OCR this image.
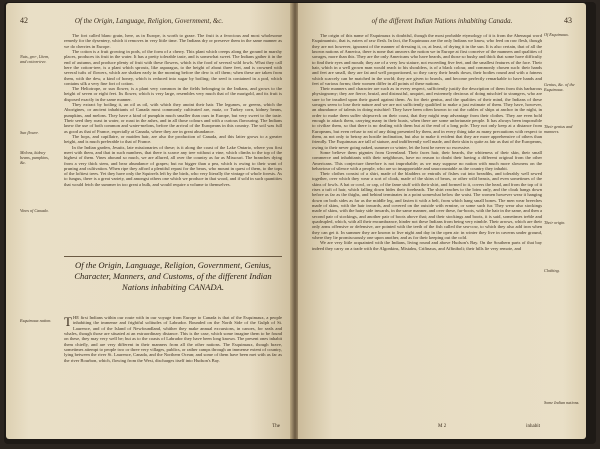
42	Of the Origin, Language, Religion, Government, &c.

The fort called blanc grain, here, as in Europe, is worth to graze. The fruit is a ferocious and most wholesome remedy for the dysentery, which it removes in very little time. The Indians dry or preserve them in the same manner as we do cherries in Europe.

The cotton is a fruit growing in pods, of the form of a cherry. This plant which creeps along the ground in marshy places, produces its fruit in the water. It has a pretty tolerable taste, and is somewhat sweet. The Indians gather it in the end of autumn, and produce plenty of fruit with these flowers, which is the food of several wild fowls. What they call here the cotton-tree, is a plant which sprouts, like asparagus, to the height of about three feet, and is crowned with several tufts of flowers, which are shaken early in the morning before the dew is off them; when these are taken from them, with the dew, a kind of honey, which is reduced into sugar by boiling; the seed is contained in a pod, which contains silk a very fine fort of cotton.

The Heliotrope, or sun flower, is a plant very common in the fields belonging to the Indians, and grows to the height of seven or eight feet. Its flower, which is very large, resembles very much that of the marigold, and its fruit is disposed exactly in the same manner.

They extract by boiling it, an oil as oil, with which they anoint their hair. The legumes, or greens, which the Aborigines, or ancient inhabitants of Canada most commonly cultivated are, maiz, or Turkey corn, kidney beans, pumpkins, and melons. They have a kind of pumpkin much smaller than ours in Europe, but very sweet to the taste. Their seed they roast in water, or roast in the ashes, and in all those colours and with a curious flavouring. The Indians knew the use of both common and water-melons, before the arrival of the Europeans in this country. The soil was full as good as that of France, especially at Canada, where they are in great abundance.

The hops, and capillaire, or maiden hair, are also the production of Canada, and this latter grows to a greater height, and is much preferable to that of France.

In the Indian garden, Jesuits, late missionaries of these; is it along the coast of the Lake Ontario, where you first meet with them, and that in such numbers, that there is scarce any tree without a vine, which climbs to the top of the highest of them. Vines abound so much, we are allured, all over the country as far as Missouri. The branches dying from a very thick stem, and bear abundance of grapes; but no bigger than a pea, which is owing to their want of pruning and cultivation. When ripe they afford a plentiful repast for the bears, who mount in quest of them, to the tops of the loftiest trees. Yet they have only the Squirrels left by the birds, who very literally the vintage of whole forests. As to fungus, there is a great variety, and amongst others one which we produce in that wood, and if sold in such quantities that would fetch the summer in too great a bulk, and would require a volume to themselves.

Nuts, gro-, Lhem, and cotton-tree.
Sun flower.
Melons, kidney beans, pumpkins, &c.
Vines of Canada.
Of the Origin, Language, Religion, Government, Genius, Character, Manners, and Customs, of the different Indian Nations inhabiting CANADA.

THE first Indians within our route with in our voyage from Europe to Canada is that of the Esquimaux, a people inhabiting the immense and frightful solitudes of Labrador. Bounded on the North Side of the Gulph of St. Laurence, and of the Island of Newfoundland, whither they make annual excursions, in canoes, for seals and whales, though those are situated at an extraordinary distance. This is the case, which some imagine them to be found on these, they may very well be; but as to the coasts of Labrador they have been long known. The present ones inhabit them chiefly, and are very different in their manners from all the other nations. The Esquimaux, though brave, sometimes attempt to people two or three very villages, publics, or rather camps through an immense extent of country, lying between the river St. Laurence, Canada, and the Northern Ocean; and some of them have been met with as far as the river Bourbon, which, flowing from the West, discharges itself into Hudson's Bay.

Esquimaux nation.
The
43
of the different Indian Nations inhabiting Canada.

The origin of this name of Esquimaux is doubtful, though the most probable etymology of it is from the Abenaqui word Esquimantsic, that is, eaters of raw flesh. In fact, the Esquimaux are the only Indians we know, who feed on raw flesh, though they are not however, ignorant of the manner of dressing it, or, at least, of drying it in the sun. It is also certain, that of all the known nations of America, there is none that answers the notion we in Europe at first conceive of the manners and qualities of savages, more than this. They are the only Americans who have beards, and those so bushy and thick that some have difficulty to find their eyes and mouth; they are of a very low stature, not exceeding five feet, and the smallest features of the face. Their hair, which in a well grown man would reach to his shoulders, is of a black colour, and commonly chosen such: their hands and feet are small, they are fat and well proportioned, so they carry their heads down, their bodies round and with a fatness which scarcely can be matched in the world; they are given to brawls, and become perfectly remarkable to have hands and feet of various forms; their women differ in all points of these nations.

Their manners and character are such as in every respect, sufficiently justify the description of them from this barbarous physiognomy; they are fierce, brutal, and distrustful, unquiet, and extremely desirous of doing mischief to strangers, who are sure to be insulted upon their guard against them. As for their genius, and the qualities of their mind, the Indians of these savages seem to lose their nature and we are not sufficiently qualified to make a just estimate of them. They have, however, an abundance of talents in doing mischief: They have been often known to cut the cables of ships at anchor in the night, in order to make them suffer shipwreck on their coast, that they might reap advantage from their clothes. They are even bold enough to attack them, carrying many in their boats, when there are some unfortunate people. It has always been impossible to civilize them, so that there is no dealing with them but at the end of a long pole. They not only keep at a distance from Europeans, but even refuse to eat of any thing presented by them, and in every thing take as many precautions with respect to them, as not only to betray an hostile inclination, but also to make it evident that they are more apprehensive of others than friendly. The Esquimaux are tall of stature, and indifferently well made, and their skin is quite as fair as that of the Europeans, owing to their never going naked, summer or winter, let the heat be never so excessive.

Some believe them pigmies from Greenland. Their faces hair, their beards, the whiteness of their skin, their small commerce and inhabitants with their neighbours, have no reason to doubt their having a different original from the other Americans. This conjecture therefore is not improbable; as we may suppose no nation with much more slowness on the behaviour of silence with a people, who are so insupportable and unaccountable as the country they inhabit.

Their clothes consist of a shirt, made of the bladders or entrails of fishes cut into breadths, and tolerably well sewed together, over which they wear a sort of cloak, made of the skins of bears, or other wild beasts, and even sometimes of the skins of fowls. A hat or cowl, or cap, of the fame stuff with their shirt, and formed to it, covers the head, and from the top of it rises a tuft of hair, which falling down hides their foreheads. The shirt reaches to the loins only, and the cloak hangs down before as far as the thighs, and behind terminates in a point somewhat below the waist. The women however wear it hanging down on both sides as far as the middle leg, and fasten it with a belt, from which hang small bones. The men wear breeches made of skins, with the hair inwards, and covered on the outside with ermine, or some such fur. They wear also stockings made of skins, with the hairy side inwards, in the same manner, and over these, fur-boots, with the hair in the same, and then a second pair of stockings, and another pair of boots above that; and their stockings and boots, it is said, sometimes treble and quadrupled, which, with all their encumbrance, hinder not these Indians from being very nimble. Their arrows, which are their only arms offensive or defensive, are pointed with the teeth of the fish called the sea-cow, to which they also add iron when they can get it. In summer they are known to live night and day in the open air: in winter they live in caverns under ground, where they lie promiscuously one upon another, and as for their keeping out the cold.

We are very little acquainted with the Indians, living round and above Hudson's Bay. On the Southern parts of that bay indeed they carry on a trade with the Algonkins, Mistalns, Crifinaux, and Affiniboli; their hills lie very remote, and

Of Esquimaux.
Genius, &c. of the Esquimaux.
Their genius and manners.
Their origin.
Clothing.
Some Indian nations.
M 2	inhabit
